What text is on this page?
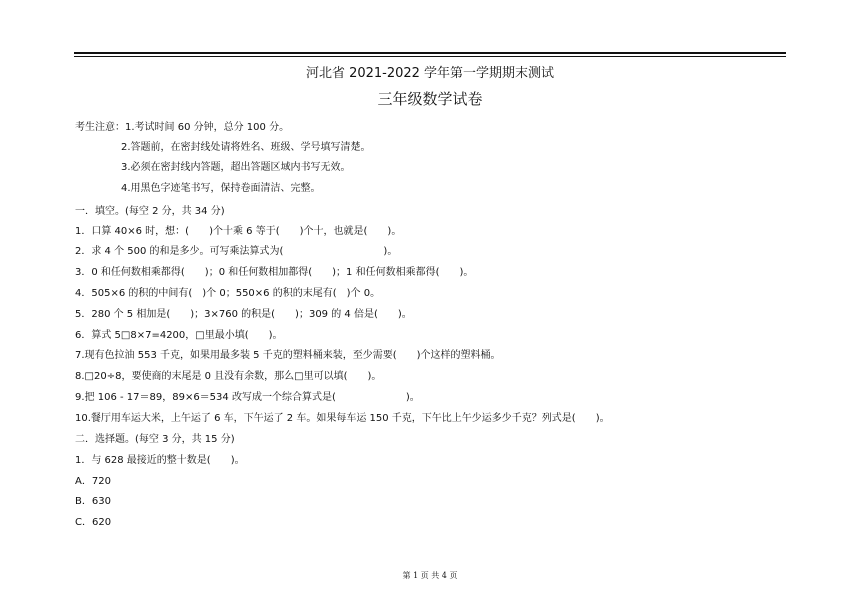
河北省 2021-2022 学年第一学期期末测试
三年级数学试卷
考生注意：1.考试时间 60 分钟，总分 100 分。
2.答题前，在密封线处请将姓名、班级、学号填写清楚。
3.必须在密封线内答题，超出答题区域内书写无效。
4.用黑色字迹笔书写，保持卷面清洁、完整。
一．填空。(每空 2 分，共 34 分)
1．口算 40×6 时，想：(　　)个十乘 6 等于(　　)个十，也就是(　　)。
2．求 4 个 500 的和是多少。可写乘法算式为(　　　　　　　　　　)。
3．0 和任何数相乘都得(　　)；0 和任何数相加都得(　　)；1 和任何数相乘都得(　　)。
4．505×6 的积的中间有(　)个 0；550×6 的积的末尾有(　)个 0。
5．280 个 5 相加是(　　)；3×760 的积是(　　)；309 的 4 倍是(　　)。
6．算式 5□8×7=4200，□里最小填(　　)。
7.现有色拉油 553 千克，如果用最多装 5 千克的塑料桶来装，至少需要(　　)个这样的塑料桶。
8.□20÷8，要使商的末尾是 0 且没有余数，那么□里可以填(　　)。
9.把 106 - 17＝89，89×6＝534 改写成一个综合算式是(　　　　　　　)。
10.餐厅用车运大米，上午运了 6 车，下午运了 2 车。如果每车运 150 千克，下午比上午少运多少千克？列式是(　　)。
二．选择题。(每空 3 分，共 15 分)
1．与 628 最接近的整十数是(　　)。
A．720
B．630
C．620
第 1 页 共 4 页
